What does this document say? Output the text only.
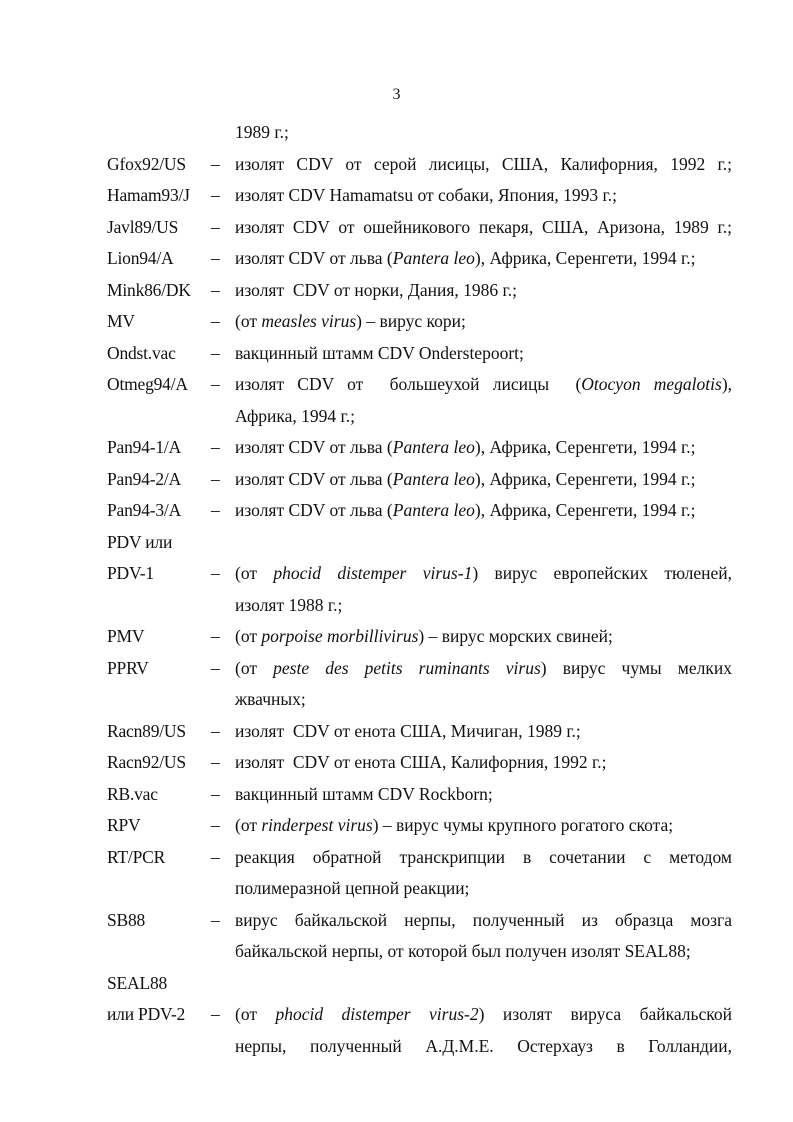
3
1989 г.;
Gfox92/US	– изолят CDV от серой лисицы, США, Калифорния, 1992 г.;
Hamam93/J	– изолят CDV Hamamatsu от собаки, Япония, 1993 г.;
Javl89/US	– изолят CDV от ошейникового пекаря, США, Аризона, 1989 г.;
Lion94/A	– изолят CDV от льва (Pantera leo), Африка, Серенгети, 1994 г.;
Mink86/DK	– изолят  CDV от норки, Дания, 1986 г.;
MV	– (от measles virus) – вирус кори;
Ondst.vac	– вакцинный штамм CDV Onderstepoort;
Otmeg94/A	– изолят CDV от  большеухой лисицы  (Otocyon megalotis),
Африка, 1994 г.;
Pan94-1/A	– изолят CDV от льва (Pantera leo), Африка, Серенгети, 1994 г.;
Pan94-2/A	– изолят CDV от льва (Pantera leo), Африка, Серенгети, 1994 г.;
Pan94-3/A	– изолят CDV от льва (Pantera leo), Африка, Серенгети, 1994 г.;
PDV или
PDV-1	– (от phocid distemper virus-1) вирус европейских тюленей,
изолят 1988 г.;
PMV	– (от porpoise morbillivirus) – вирус морских свиней;
PPRV	– (от peste des petits ruminants virus) вирус чумы мелких
жвачных;
Racn89/US	– изолят  CDV от енота США, Мичиган, 1989 г.;
Racn92/US	– изолят  CDV от енота США, Калифорния, 1992 г.;
RB.vac	– вакцинный штамм CDV Rockborn;
RPV	– (от rinderpest virus) – вирус чумы крупного рогатого скота;
RT/PCR	– реакция обратной транскрипции в сочетании с методом
полимеразной цепной реакции;
SB88	– вирус байкальской нерпы, полученный из образца мозга
байкальской нерпы, от которой был получен изолят SEAL88;
SEAL88
или PDV-2	– (от phocid distemper virus-2) изолят вируса байкальской
нерпы, полученный А.Д.М.Е. Остерхауз в Голландии,
